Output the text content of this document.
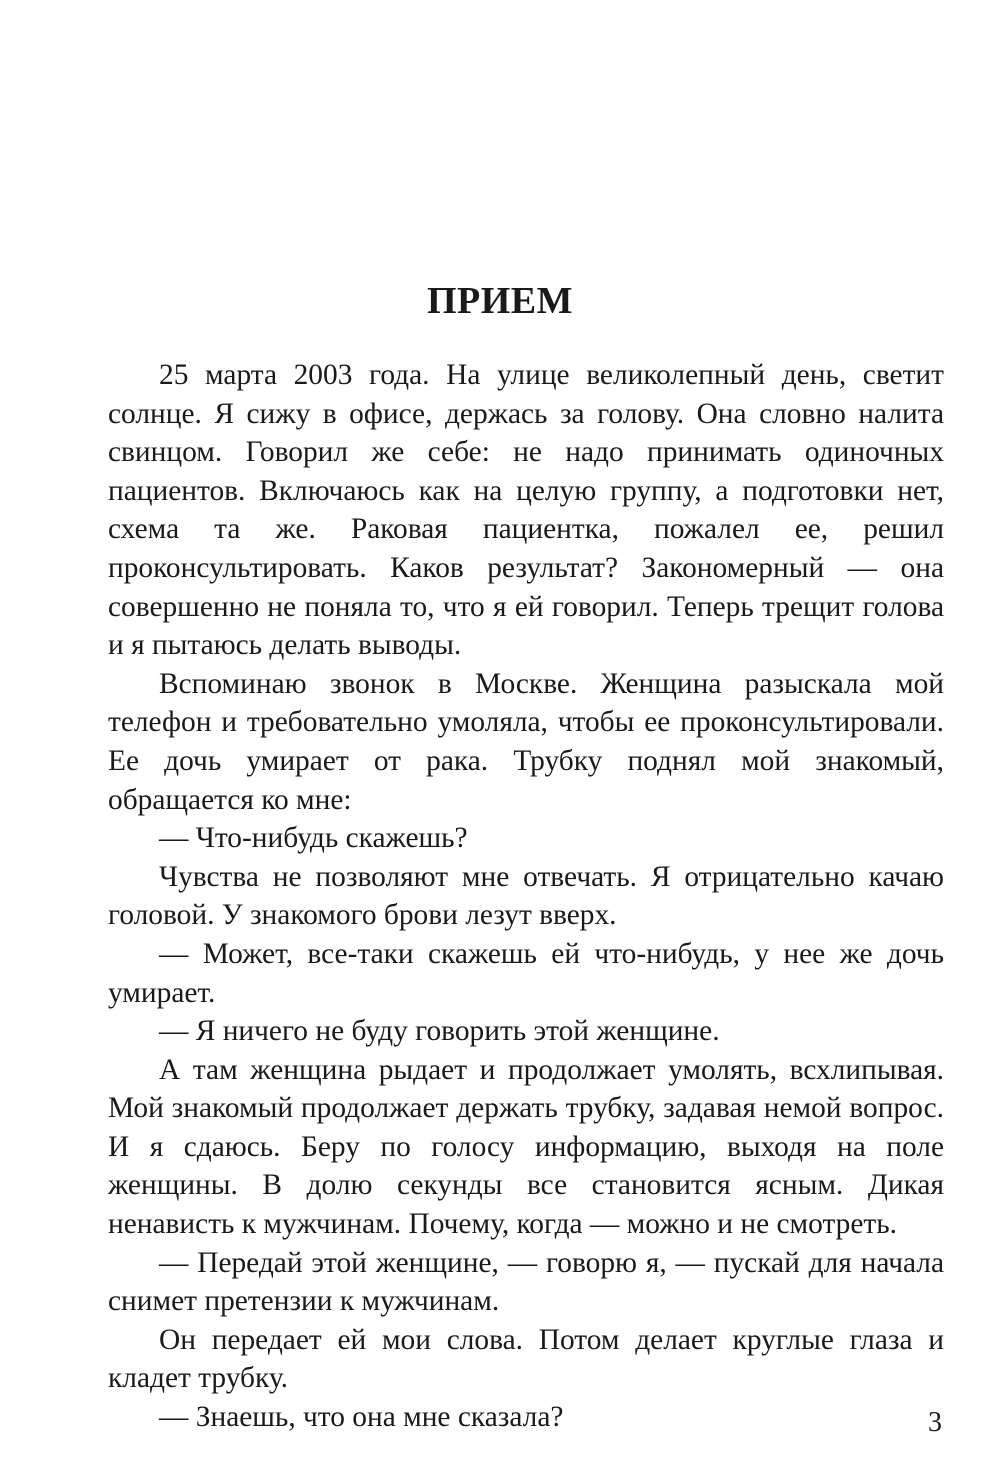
ПРИЕМ

25 марта 2003 года. На улице великолепный день, светит солнце. Я сижу в офисе, держась за голову. Она словно налита свинцом. Говорил же себе: не надо принимать одиночных пациентов. Включаюсь как на целую группу, а подготовки нет, схема та же. Раковая пациентка, пожалел ее, решил проконсультировать. Каков результат? Закономерный — она совершенно не поняла то, что я ей говорил. Теперь трещит голова и я пытаюсь делать выводы.

Вспоминаю звонок в Москве. Женщина разыскала мой телефон и требовательно умоляла, чтобы ее проконсультировали. Ее дочь умирает от рака. Трубку поднял мой знакомый, обращается ко мне:

— Что-нибудь скажешь?

Чувства не позволяют мне отвечать. Я отрицательно качаю головой. У знакомого брови лезут вверх.

— Может, все-таки скажешь ей что-нибудь, у нее же дочь умирает.

— Я ничего не буду говорить этой женщине.

А там женщина рыдает и продолжает умолять, всхлипывая. Мой знакомый продолжает держать трубку, задавая немой вопрос. И я сдаюсь. Беру по голосу информацию, выходя на поле женщины. В долю секунды все становится ясным. Дикая ненависть к мужчинам. Почему, когда — можно и не смотреть.

— Передай этой женщине, — говорю я, — пускай для начала снимет претензии к мужчинам.

Он передает ей мои слова. Потом делает круглые глаза и кладет трубку.

— Знаешь, что она мне сказала?	3
